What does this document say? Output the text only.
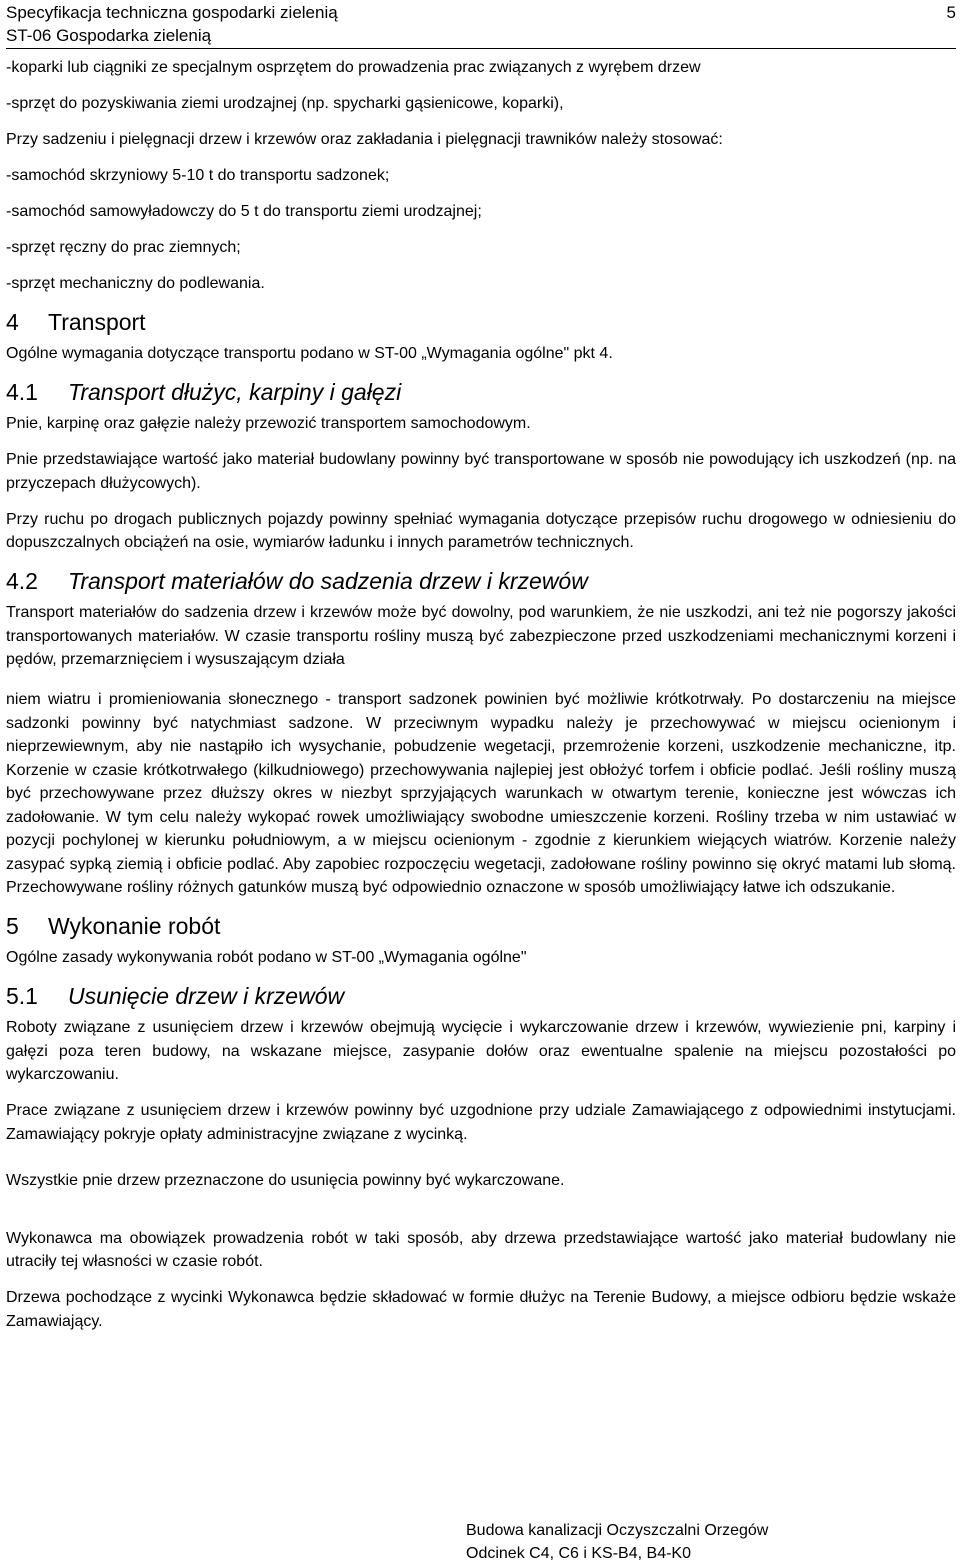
Specyfikacja techniczna gospodarki zielenią
ST-06 Gospodarka zielenią
5
-koparki lub ciągniki ze specjalnym osprzętem do prowadzenia prac związanych z wyrębem drzew
-sprzęt do pozyskiwania ziemi urodzajnej (np. spycharki gąsienicowe, koparki),
Przy sadzeniu i pielęgnacji drzew i krzewów oraz zakładania i pielęgnacji trawników należy stosować:
-samochód skrzyniowy 5-10 t do transportu sadzonek;
-samochód samowyładowczy do 5 t do transportu ziemi urodzajnej;
-sprzęt ręczny do prac ziemnych;
-sprzęt mechaniczny do podlewania.
4 Transport
Ogólne wymagania dotyczące transportu podano w ST-00 „Wymagania ogólne" pkt 4.
4.1 Transport dłużyc, karpiny i gałęzi
Pnie, karpinę oraz gałęzie należy przewozić transportem samochodowym.
Pnie przedstawiające wartość jako materiał budowlany powinny być transportowane w sposób nie powodujący ich uszkodzeń (np. na przyczepach dłużycowych).
Przy ruchu po drogach publicznych pojazdy powinny spełniać wymagania dotyczące przepisów ruchu drogowego w odniesieniu do dopuszczalnych obciążeń na osie, wymiarów ładunku i innych parametrów technicznych.
4.2 Transport materiałów do sadzenia drzew i krzewów
Transport materiałów do sadzenia drzew i krzewów może być dowolny, pod warunkiem, że nie uszkodzi, ani też nie pogorszy jakości transportowanych materiałów. W czasie transportu rośliny muszą być zabezpieczone przed uszkodzeniami mechanicznymi korzeni i pędów, przemarznięciem i wysuszającym działa
niem wiatru i promieniowania słonecznego - transport sadzonek powinien być możliwie krótkotrwały. Po dostarczeniu na miejsce sadzonki powinny być natychmiast sadzone. W przeciwnym wypadku należy je przechowywać w miejscu ocienionym i nieprzewiewnym, aby nie nastąpiło ich wysychanie, pobudzenie wegetacji, przemrożenie korzeni, uszkodzenie mechaniczne, itp. Korzenie w czasie krótkotrwałego (kilkudniowego) przechowywania najlepiej jest obłożyć torfem i obficie podlać. Jeśli rośliny muszą być przechowywane przez dłuższy okres w niezbyt sprzyjających warunkach w otwartym terenie, konieczne jest wówczas ich zadołowanie. W tym celu należy wykopać rowek umożliwiający swobodne umieszczenie korzeni. Rośliny trzeba w nim ustawiać w pozycji pochylonej w kierunku południowym, a w miejscu ocienionym - zgodnie z kierunkiem wiejących wiatrów. Korzenie należy zasypać sypką ziemią i obficie podlać. Aby zapobiec rozpoczęciu wegetacji, zadołowane rośliny powinno się okryć matami lub słomą. Przechowywane rośliny różnych gatunków muszą być odpowiednio oznaczone w sposób umożliwiający łatwe ich odszukanie.
5 Wykonanie robót
Ogólne zasady wykonywania robót podano w ST-00 „Wymagania ogólne"
5.1 Usunięcie drzew i krzewów
Roboty związane z usunięciem drzew i krzewów obejmują wycięcie i wykarczowanie drzew i krzewów, wywiezienie pni, karpiny i gałęzi poza teren budowy, na wskazane miejsce, zasypanie dołów oraz ewentualne spalenie na miejscu pozostałości po wykarczowaniu.
Prace związane z usunięciem drzew i krzewów powinny być uzgodnione przy udziale Zamawiającego z odpowiednimi instytucjami. Zamawiający pokryje opłaty administracyjne związane z wycinką.
Wszystkie pnie drzew przeznaczone do usunięcia powinny być wykarczowane.
Wykonawca ma obowiązek prowadzenia robót w taki sposób, aby drzewa przedstawiające wartość jako materiał budowlany nie utraciły tej własności w czasie robót.
Drzewa pochodzące z wycinki Wykonawca będzie składować w formie dłużyc na Terenie Budowy, a miejsce odbioru będzie wskaże Zamawiający.
Budowa kanalizacji Oczyszczalni Orzegów
Odcinek C4, C6 i KS-B4, B4-K0
